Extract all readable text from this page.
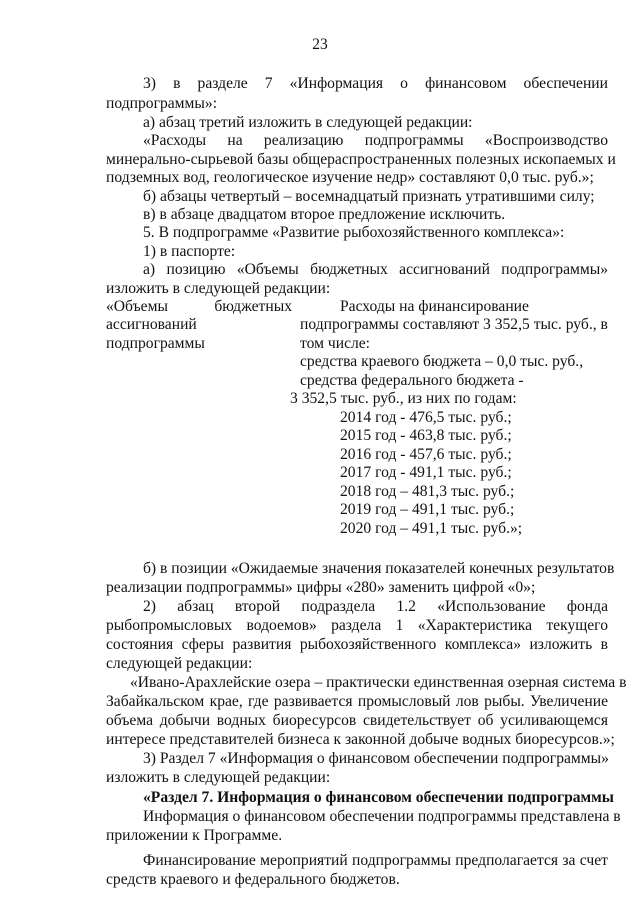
23
3) в разделе 7 «Информация о финансовом обеспечении
подпрограммы»:
а) абзац третий изложить в следующей редакции:
«Расходы на реализацию подпрограммы «Воспроизводство
минерально-сырьевой базы общераспространенных полезных ископаемых и
подземных вод, геологическое изучение недр» составляют 0,0 тыс. руб.»;
б) абзацы четвертый – восемнадцатый признать утратившими силу;
в) в абзаце двадцатом второе предложение исключить.
5. В подпрограмме «Развитие рыбохозяйственного комплекса»:
1) в паспорте:
а) позицию «Объемы бюджетных ассигнований подпрограммы»
изложить в следующей редакции:
«Объемы бюджетных
ассигнований
подпрограммы
Расходы на финансирование
подпрограммы составляют 3 352,5 тыс. руб., в
том числе:
средства краевого бюджета – 0,0 тыс. руб.,
средства федерального бюджета -
3 352,5 тыс. руб., из них по годам:
2014 год - 476,5 тыс. руб.;
2015 год - 463,8 тыс. руб.;
2016 год - 457,6 тыс. руб.;
2017 год - 491,1 тыс. руб.;
2018 год – 481,3 тыс. руб.;
2019 год – 491,1 тыс. руб.;
2020 год – 491,1 тыс. руб.»;
б) в позиции «Ожидаемые значения показателей конечных результатов
реализации подпрограммы» цифры «280» заменить цифрой «0»;
2) абзац второй подраздела 1.2 «Использование фонда
рыбопромысловых водоемов» раздела 1 «Характеристика текущего
состояния сферы развития рыбохозяйственного комплекса» изложить в
следующей редакции:
«Ивано-Арахлейские озера – практически единственная озерная система в
Забайкальском крае, где развивается промысловый лов рыбы. Увеличение
объема добычи водных биоресурсов свидетельствует об усиливающемся
интересе представителей бизнеса к законной добыче водных биоресурсов.»;
3) Раздел 7 «Информация о финансовом обеспечении подпрограммы»
изложить в следующей редакции:
«Раздел 7. Информация о финансовом обеспечении подпрограммы
Информация о финансовом обеспечении подпрограммы представлена в
приложении к Программе.
Финансирование мероприятий подпрограммы предполагается за счет
средств краевого и федерального бюджетов.
